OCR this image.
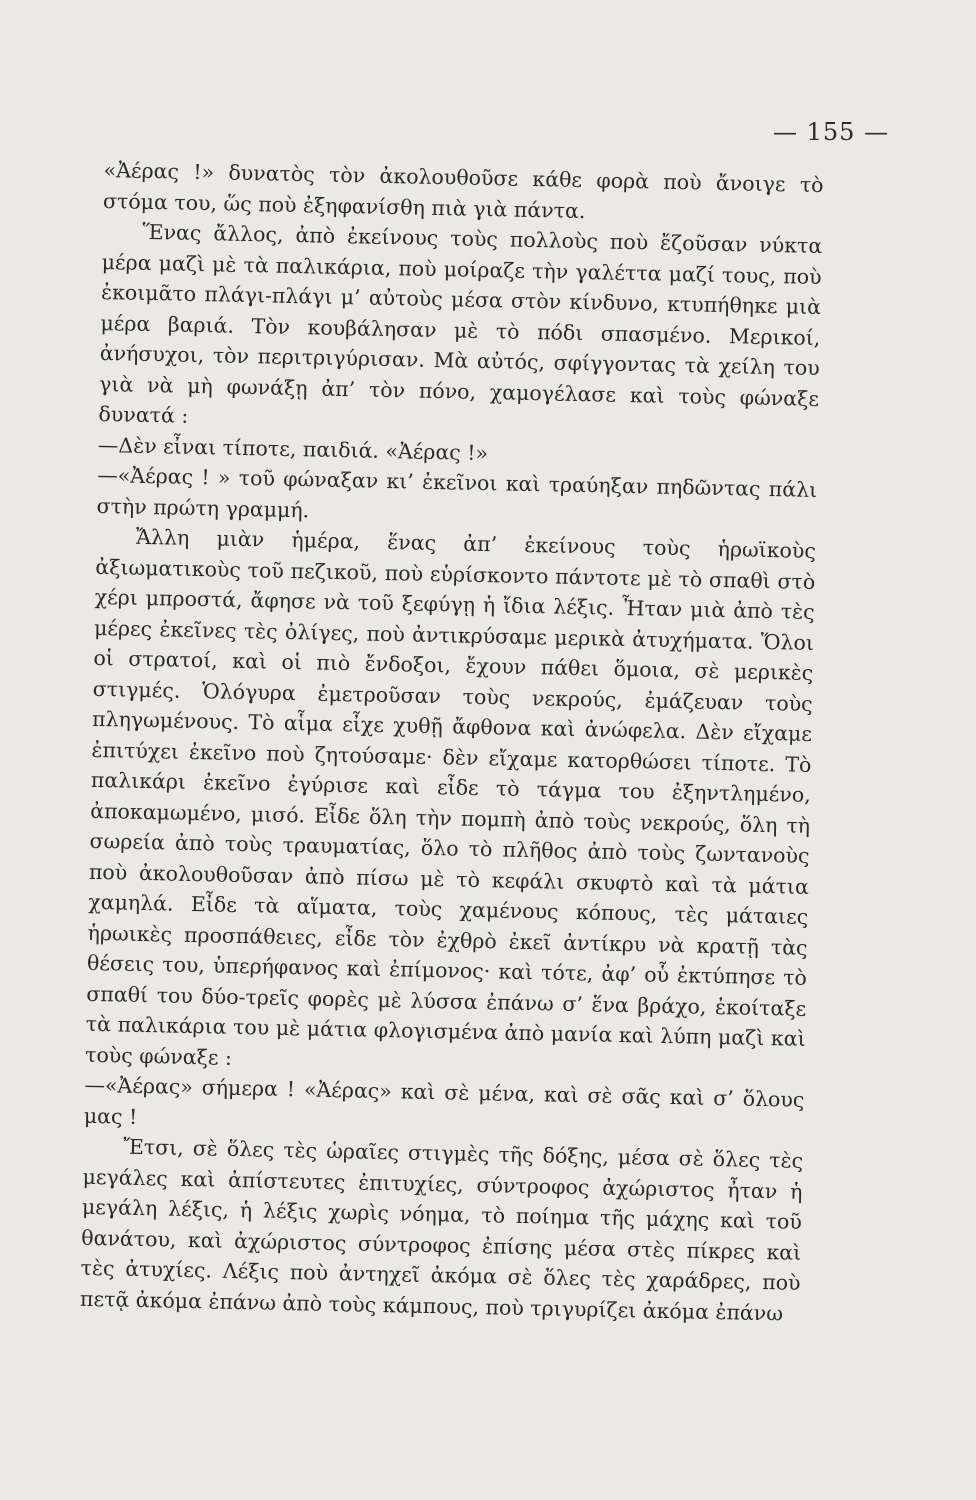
— 155 —

«Ἀέρας !» δυνατὸς τὸν ἀκολουθοῦσε κάθε φορὰ ποὺ ἄνοιγε τὸ στόμα του, ὥς ποὺ ἐξηφανίσθη πιὰ γιὰ πάντα.

Ἕνας ἄλλος, ἀπὸ ἐκείνους τοὺς πολλοὺς ποὺ ἔζοῦσαν νύκτα μέρα μαζὶ μὲ τὰ παλικάρια, ποὺ μοίραζε τὴν γαλέττα μαζί τους, ποὺ ἐκοιμᾶτο πλάγι-πλάγι μ’ αὐτοὺς μέσα στὸν κίνδυνο, κτυπήθηκε μιὰ μέρα βαριά. Τὸν κουβάλησαν μὲ τὸ πόδι σπασμένο. Μερικοί, ἀνήσυχοι, τὸν περιτριγύρισαν. Μὰ αὐτός, σφίγγοντας τὰ χείλη του γιὰ νὰ μὴ φωνάξῃ ἀπ’ τὸν πόνο, χαμογέλασε καὶ τοὺς φώναξε δυνατά :

—Δὲν εἶναι τίποτε, παιδιά. «Ἀέρας !»

—«Ἀέρας ! » τοῦ φώναξαν κι’ ἐκεῖνοι καὶ τραύηξαν πηδῶντας πάλι στὴν πρώτη γραμμή.

Ἄλλη μιὰν ἡμέρα, ἕνας ἀπ’ ἐκείνους τοὺς ἡρωϊκοὺς ἀξιωματικοὺς τοῦ πεζικοῦ, ποὺ εὑρίσκοντο πάντοτε μὲ τὸ σπαθὶ στὸ χέρι μπροστά, ἄφησε νὰ τοῦ ξεφύγῃ ἡ ἴδια λέξις. Ἦταν μιὰ ἀπὸ τὲς μέρες ἐκεῖνες τὲς ὀλίγες, ποὺ ἀντικρύσαμε μερικὰ ἀτυχήματα. Ὅλοι οἱ στρατοί, καὶ οἱ πιὸ ἔνδοξοι, ἔχουν πάθει ὅμοια, σὲ μερικὲς στιγμές. Ὁλόγυρα ἐμετροῦσαν τοὺς νεκρούς, ἐμάζευαν τοὺς πληγωμένους. Τὸ αἷμα εἶχε χυθῇ ἄφθονα καὶ ἀνώφελα. Δὲν εἴχαμε ἐπιτύχει ἐκεῖνο ποὺ ζητούσαμε· δὲν εἴχαμε κατορθώσει τίποτε. Τὸ παλικάρι ἐκεῖνο ἐγύρισε καὶ εἶδε τὸ τάγμα του ἐξηντλημένο, ἀποκαμωμένο, μισό. Εἶδε ὅλη τὴν πομπὴ ἀπὸ τοὺς νεκρούς, ὅλη τὴ σωρεία ἀπὸ τοὺς τραυματίας, ὅλο τὸ πλῆθος ἀπὸ τοὺς ζωντανοὺς ποὺ ἀκολουθοῦσαν ἀπὸ πίσω μὲ τὸ κεφάλι σκυφτὸ καὶ τὰ μάτια χαμηλά. Εἶδε τὰ αἵματα, τοὺς χαμένους κόπους, τὲς μάταιες ἡρωικὲς προσπάθειες, εἶδε τὸν ἐχθρὸ ἐκεῖ ἀντίκρυ νὰ κρατῇ τὰς θέσεις του, ὑπερήφανος καὶ ἐπίμονος· καὶ τότε, ἀφ’ οὗ ἐκτύπησε τὸ σπαθί του δύο-τρεῖς φορὲς μὲ λύσσα ἐπάνω σ’ ἕνα βράχο, ἐκοίταξε τὰ παλικάρια του μὲ μάτια φλογισμένα ἀπὸ μανία καὶ λύπη μαζὶ καὶ τοὺς φώναξε :

—«Ἀέρας» σήμερα ! «Ἀέρας» καὶ σὲ μένα, καὶ σὲ σᾶς καὶ σ’ ὅλους μας !

Ἔτσι, σὲ ὅλες τὲς ὡραῖες στιγμὲς τῆς δόξης, μέσα σὲ ὅλες τὲς μεγάλες καὶ ἀπίστευτες ἐπιτυχίες, σύντροφος ἀχώριστος ἦταν ἡ μεγάλη λέξις, ἡ λέξις χωρὶς νόημα, τὸ ποίημα τῆς μάχης καὶ τοῦ θανάτου, καὶ ἀχώριστος σύντροφος ἐπίσης μέσα στὲς πίκρες καὶ τὲς ἀτυχίες. Λέξις ποὺ ἀντηχεῖ ἀκόμα σὲ ὅλες τὲς χαράδρες, ποὺ πετᾷ ἀκόμα ἐπάνω ἀπὸ τοὺς κάμπους, ποὺ τριγυρίζει ἀκόμα ἐπάνω
